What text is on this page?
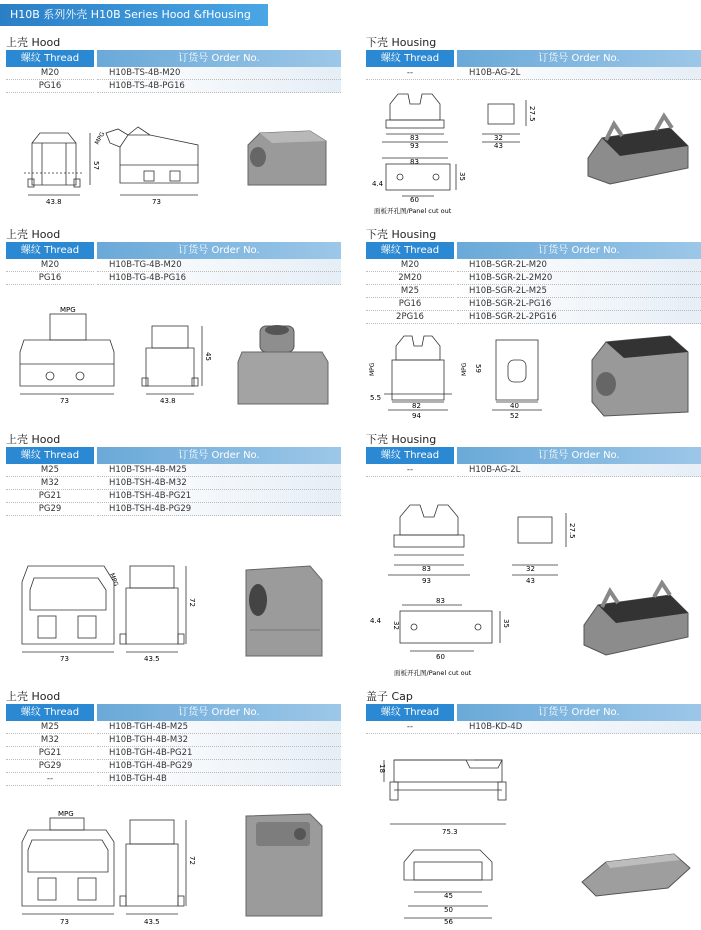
H10B 系列外壳 H10B Series Hood &fHousing
上壳 Hood
螺纹 Thread	订货号 Order No.
M20	H10B-TS-4B-M20
PG16	H10B-TS-4B-PG16
下壳 Housing
螺纹 Thread	订货号 Order No.
--	H10B-AG-2L
上壳 Hood
螺纹 Thread	订货号 Order No.
M20	H10B-TG-4B-M20
PG16	H10B-TG-4B-PG16
下壳 Housing
螺纹 Thread	订货号 Order No.
M20	H10B-SGR-2L-M20
2M20	H10B-SGR-2L-2M20
M25	H10B-SGR-2L-M25
PG16	H10B-SGR-2L-PG16
2PG16	H10B-SGR-2L-2PG16
上壳 Hood
螺纹 Thread	订货号 Order No.
M25	H10B-TSH-4B-M25
M32	H10B-TSH-4B-M32
PG21	H10B-TSH-4B-PG21
PG29	H10B-TSH-4B-PG29
下壳 Housing
螺纹 Thread	订货号 Order No.
--	H10B-AG-2L
上壳 Hood
螺纹 Thread	订货号 Order No.
M25	H10B-TGH-4B-M25
M32	H10B-TGH-4B-M32
PG21	H10B-TGH-4B-PG21
PG29	H10B-TGH-4B-PG29
--	H10B-TGH-4B
盖子 Cap
螺纹 Thread	订货号 Order No.
--	H10B-KD-4D
43.8	73
57
MPG	83
93
32
43
27.5
83
60
35
4.4
面板开孔图/Panel cut out
MPG
73	43.8
45
82
94
40
52
59
MPG	MPG
5.5
73	43.5
72
MPG
83
93
32
43
27.5
83
60
32	35
4.4
面板开孔图/Panel cut out
MPG
73	43.5
72
75.3
18
45
50
56
